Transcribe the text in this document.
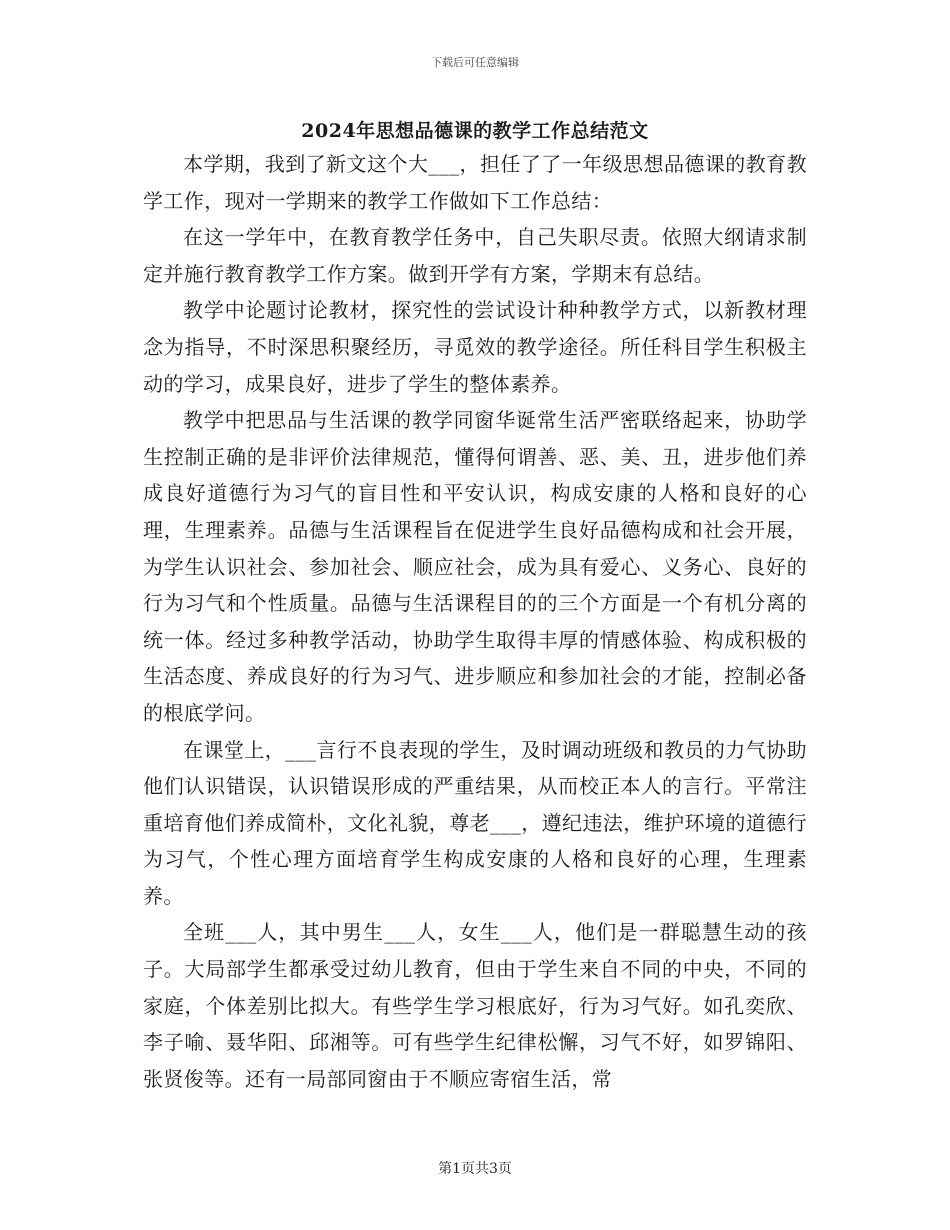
下载后可任意编辑
2024年思想品德课的教学工作总结范文

本学期，我到了新文这个大___，担任了了一年级思想品德课的教育教学工作，现对一学期来的教学工作做如下工作总结：

在这一学年中，在教育教学任务中，自己失职尽责。依照大纲请求制定并施行教育教学工作方案。做到开学有方案，学期末有总结。

教学中论题讨论教材，探究性的尝试设计种种教学方式，以新教材理念为指导，不时深思积聚经历，寻觅效的教学途径。所任科目学生积极主动的学习，成果良好，进步了学生的整体素养。

教学中把思品与生活课的教学同窗华诞常生活严密联络起来，协助学生控制正确的是非评价法律规范，懂得何谓善、恶、美、丑，进步他们养成良好道德行为习气的盲目性和平安认识，构成安康的人格和良好的心理，生理素养。品德与生活课程旨在促进学生良好品德构成和社会开展，为学生认识社会、参加社会、顺应社会，成为具有爱心、义务心、良好的行为习气和个性质量。品德与生活课程目的的三个方面是一个有机分离的统一体。经过多种教学活动，协助学生取得丰厚的情感体验、构成积极的生活态度、养成良好的行为习气、进步顺应和参加社会的才能，控制必备的根底学问。

在课堂上，___言行不良表现的学生，及时调动班级和教员的力气协助他们认识错误，认识错误形成的严重结果，从而校正本人的言行。平常注重培育他们养成简朴，文化礼貌，尊老___，遵纪违法，维护环境的道德行为习气，个性心理方面培育学生构成安康的人格和良好的心理，生理素养。

全班___人，其中男生___人，女生___人，他们是一群聪慧生动的孩子。大局部学生都承受过幼儿教育，但由于学生来自不同的中央，不同的家庭，个体差别比拟大。有些学生学习根底好，行为习气好。如孔奕欣、李子喻、聂华阳、邱湘等。可有些学生纪律松懈，习气不好，如罗锦阳、张贤俊等。还有一局部同窗由于不顺应寄宿生活，常

第1页共3页
